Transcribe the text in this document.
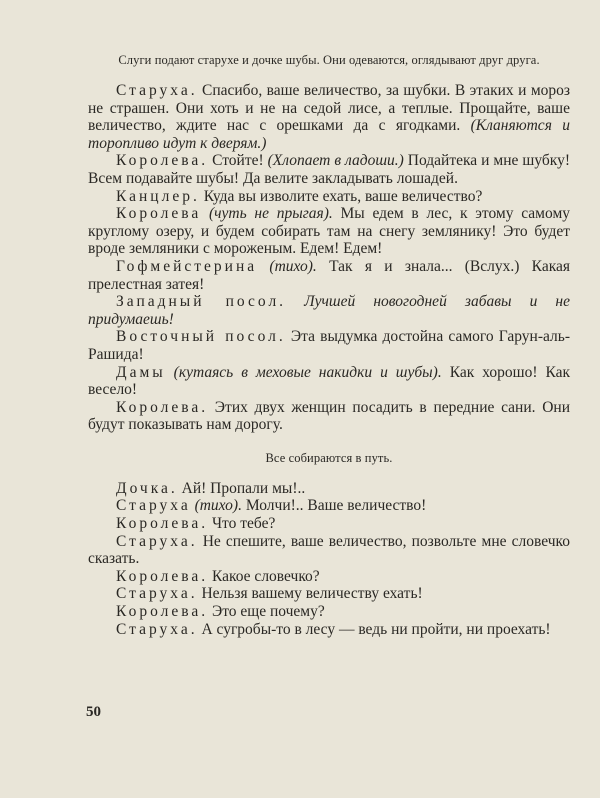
Слуги подают старухе и дочке шубы. Они одеваются, оглядывают друг друга.

Старуха. Спасибо, ваше величество, за шубки. В этаких и мороз не страшен. Они хоть и не на седой лисе, а теплые. Прощайте, ваше величество, ждите нас с орешками да с ягодками. (Кланяются и торопливо идут к дверям.)

Королева. Стойте! (Хлопает в ладоши.) Подайтека и мне шубку! Всем подавайте шубы! Да велите закладывать лошадей.

Канцлер. Куда вы изволите ехать, ваше величество?

Королева (чуть не прыгая). Мы едем в лес, к этому самому круглому озеру, и будем собирать там на снегу землянику! Это будет вроде земляники с мороженым. Едем! Едем!

Гофмейстерина (тихо). Так я и знала... (Вслух.) Какая прелестная затея!

Западный посол. Лучшей новогодней забавы и не придумаешь!

Восточный посол. Эта выдумка достойна самого Гарун-аль-Рашида!

Дамы (кутаясь в меховые накидки и шубы). Как хорошо! Как весело!

Королева. Этих двух женщин посадить в передние сани. Они будут показывать нам дорогу.

Все собираются в путь.

Дочка. Ай! Пропали мы!..

Старуха (тихо). Молчи!.. Ваше величество!

Королева. Что тебе?

Старуха. Не спешите, ваше величество, позвольте мне словечко сказать.

Королева. Какое словечко?

Старуха. Нельзя вашему величеству ехать!

Королева. Это еще почему?

Старуха. А сугробы-то в лесу — ведь ни пройти, ни проехать!

50
